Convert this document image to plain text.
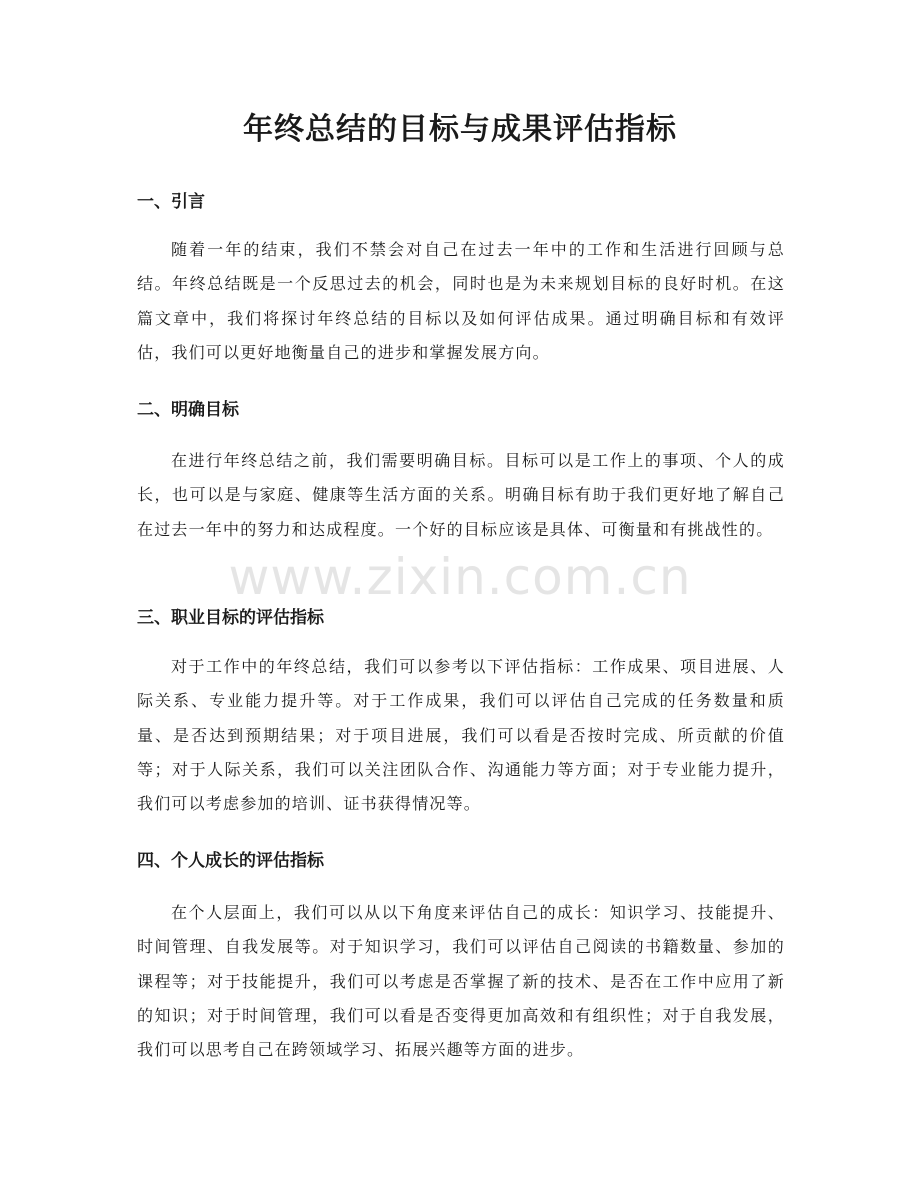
年终总结的目标与成果评估指标
一、引言

随着一年的结束，我们不禁会对自己在过去一年中的工作和生活进行回顾与总结。年终总结既是一个反思过去的机会，同时也是为未来规划目标的良好时机。在这篇文章中，我们将探讨年终总结的目标以及如何评估成果。通过明确目标和有效评估，我们可以更好地衡量自己的进步和掌握发展方向。

二、明确目标

在进行年终总结之前，我们需要明确目标。目标可以是工作上的事项、个人的成长，也可以是与家庭、健康等生活方面的关系。明确目标有助于我们更好地了解自己在过去一年中的努力和达成程度。一个好的目标应该是具体、可衡量和有挑战性的。

三、职业目标的评估指标

对于工作中的年终总结，我们可以参考以下评估指标：工作成果、项目进展、人际关系、专业能力提升等。对于工作成果，我们可以评估自己完成的任务数量和质量、是否达到预期结果；对于项目进展，我们可以看是否按时完成、所贡献的价值等；对于人际关系，我们可以关注团队合作、沟通能力等方面；对于专业能力提升，我们可以考虑参加的培训、证书获得情况等。

四、个人成长的评估指标

在个人层面上，我们可以从以下角度来评估自己的成长：知识学习、技能提升、时间管理、自我发展等。对于知识学习，我们可以评估自己阅读的书籍数量、参加的课程等；对于技能提升，我们可以考虑是否掌握了新的技术、是否在工作中应用了新的知识；对于时间管理，我们可以看是否变得更加高效和有组织性；对于自我发展，我们可以思考自己在跨领域学习、拓展兴趣等方面的进步。

www.zixin.com.cn
